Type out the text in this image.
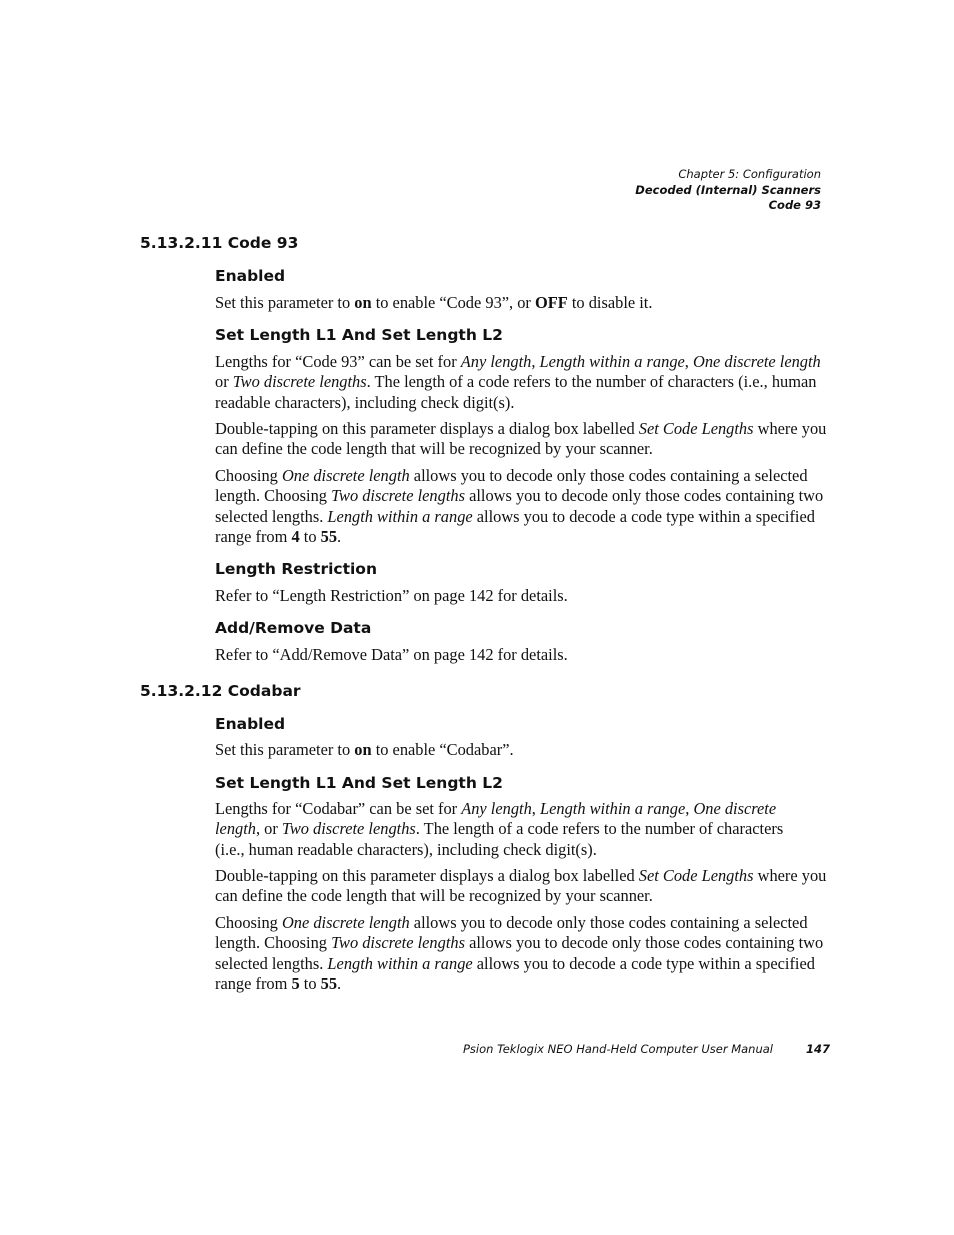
Chapter 5: Configuration
Decoded (Internal) Scanners
Code 93
5.13.2.11 Code 93
Enabled

Set this parameter to on to enable “Code 93”, or OFF to disable it.

Set Length L1 And Set Length L2

Lengths for “Code 93” can be set for Any length, Length within a range, One discrete length or Two discrete lengths. The length of a code refers to the number of characters (i.e., human readable characters), including check digit(s).

Double-tapping on this parameter displays a dialog box labelled Set Code Lengths where you can define the code length that will be recognized by your scanner.

Choosing One discrete length allows you to decode only those codes containing a selected length. Choosing Two discrete lengths allows you to decode only those codes containing two selected lengths. Length within a range allows you to decode a code type within a specified range from 4 to 55.

Length Restriction

Refer to “Length Restriction” on page 142 for details.

Add/Remove Data

Refer to “Add/Remove Data” on page 142 for details.

5.13.2.12 Codabar
Enabled

Set this parameter to on to enable “Codabar”.

Set Length L1 And Set Length L2

Lengths for “Codabar” can be set for Any length, Length within a range, One discrete length, or Two discrete lengths. The length of a code refers to the number of characters (i.e., human readable characters), including check digit(s).

Double-tapping on this parameter displays a dialog box labelled Set Code Lengths where you can define the code length that will be recognized by your scanner.

Choosing One discrete length allows you to decode only those codes containing a selected length. Choosing Two discrete lengths allows you to decode only those codes containing two selected lengths. Length within a range allows you to decode a code type within a specified range from 5 to 55.

Psion Teklogix NEO Hand-Held Computer User Manual	147
